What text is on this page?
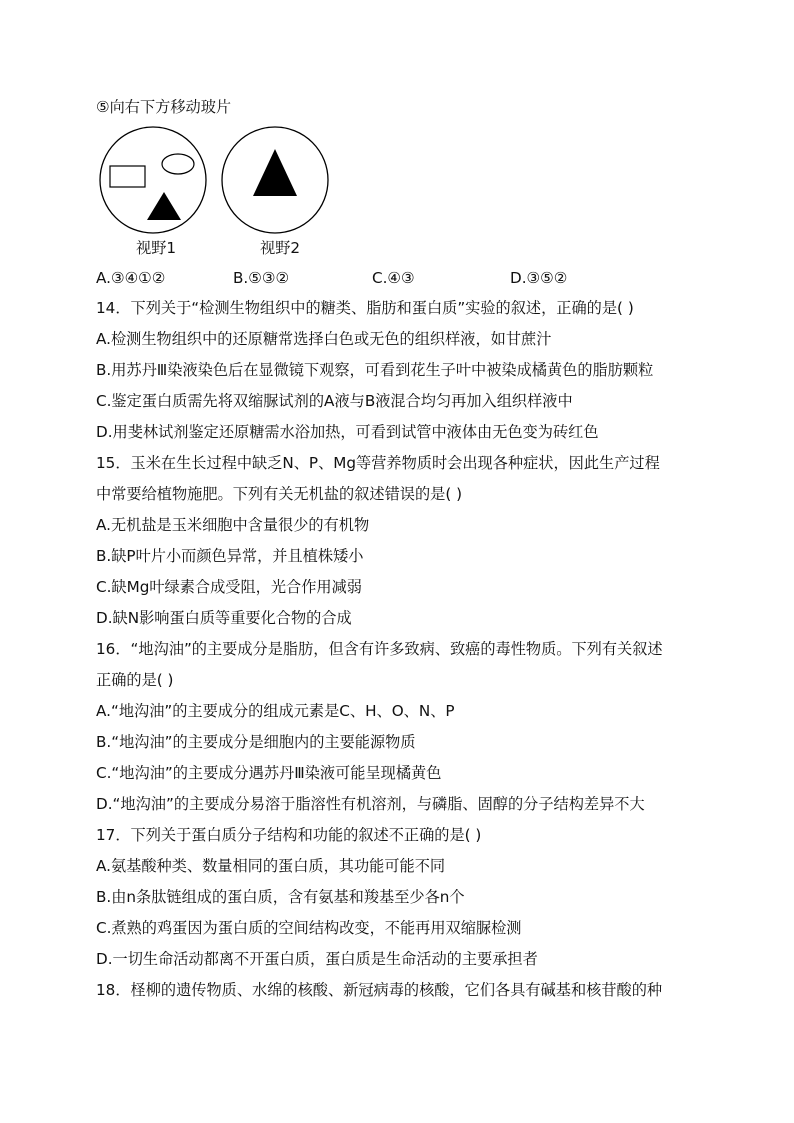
⑤向右下方移动玻片
视野1	视野2
A.③④①②	B.⑤③②	C.④③	D.③⑤②
14．下列关于“检测生物组织中的糖类、脂肪和蛋白质”实验的叙述，正确的是( )
A.检测生物组织中的还原糖常选择白色或无色的组织样液，如甘蔗汁
B.用苏丹Ⅲ染液染色后在显微镜下观察，可看到花生子叶中被染成橘黄色的脂肪颗粒
C.鉴定蛋白质需先将双缩脲试剂的A液与B液混合均匀再加入组织样液中
D.用斐林试剂鉴定还原糖需水浴加热，可看到试管中液体由无色变为砖红色
15．玉米在生长过程中缺乏N、P、Mg等营养物质时会出现各种症状，因此生产过程
中常要给植物施肥。下列有关无机盐的叙述错误的是( )
A.无机盐是玉米细胞中含量很少的有机物
B.缺P叶片小而颜色异常，并且植株矮小
C.缺Mg叶绿素合成受阻，光合作用减弱
D.缺N影响蛋白质等重要化合物的合成
16．“地沟油”的主要成分是脂肪，但含有许多致病、致癌的毒性物质。下列有关叙述
正确的是( )
A.“地沟油”的主要成分的组成元素是C、H、O、N、P
B.“地沟油”的主要成分是细胞内的主要能源物质
C.“地沟油”的主要成分遇苏丹Ⅲ染液可能呈现橘黄色
D.“地沟油”的主要成分易溶于脂溶性有机溶剂，与磷脂、固醇的分子结构差异不大
17．下列关于蛋白质分子结构和功能的叙述不正确的是( )
A.氨基酸种类、数量相同的蛋白质，其功能可能不同
B.由n条肽链组成的蛋白质，含有氨基和羧基至少各n个
C.煮熟的鸡蛋因为蛋白质的空间结构改变，不能再用双缩脲检测
D.一切生命活动都离不开蛋白质，蛋白质是生命活动的主要承担者
18．柽柳的遗传物质、水绵的核酸、新冠病毒的核酸，它们各具有碱基和核苷酸的种
